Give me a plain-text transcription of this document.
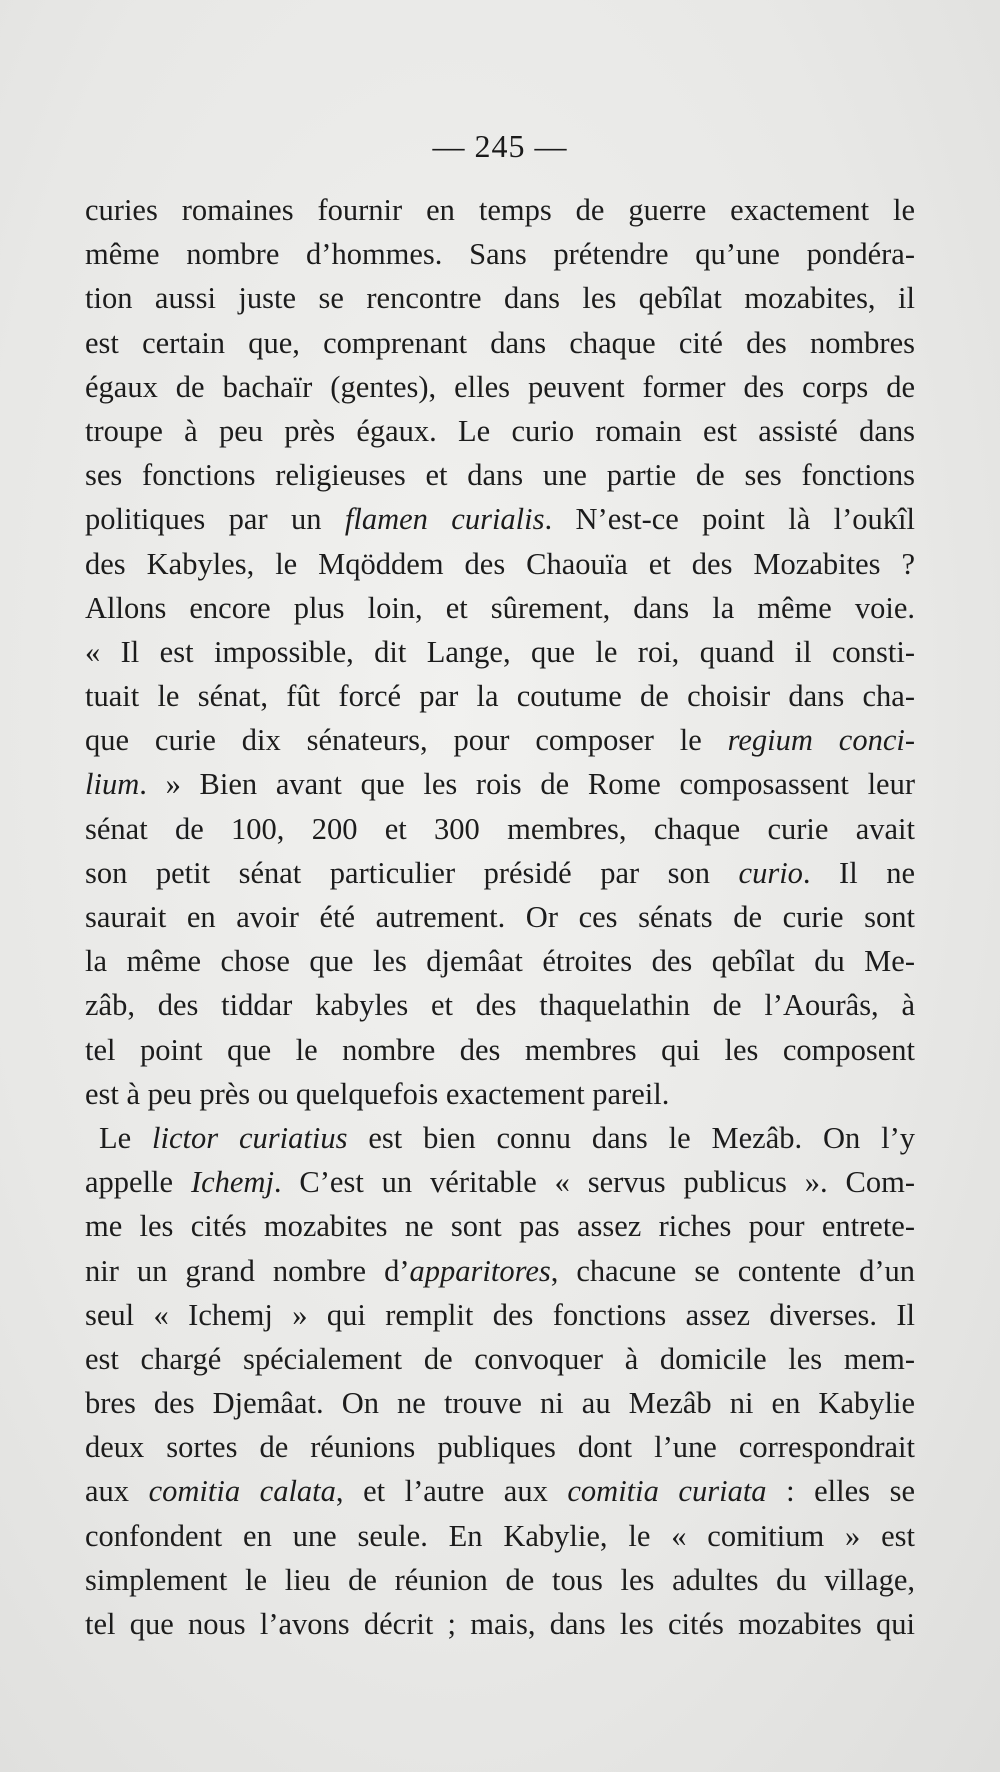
— 245 —
curies romaines fournir en temps de guerre exactement le
même nombre d’hommes. Sans prétendre qu’une pondéra-
tion aussi juste se rencontre dans les qebîlat mozabites, il
est certain que, comprenant dans chaque cité des nombres
égaux de bachaïr (gentes), elles peuvent former des corps de
troupe à peu près égaux. Le curio romain est assisté dans
ses fonctions religieuses et dans une partie de ses fonctions
politiques par un flamen curialis. N’est-ce point là l’oukîl
des Kabyles, le Mqöddem des Chaouïa et des Mozabites ?
Allons encore plus loin, et sûrement, dans la même voie.
« Il est impossible, dit Lange, que le roi, quand il consti-
tuait le sénat, fût forcé par la coutume de choisir dans cha-
que curie dix sénateurs, pour composer le regium conci-
lium. » Bien avant que les rois de Rome composassent leur
sénat de 100, 200 et 300 membres, chaque curie avait
son petit sénat particulier présidé par son curio. Il ne
saurait en avoir été autrement. Or ces sénats de curie sont
la même chose que les djemâat étroites des qebîlat du Me-
zâb, des tiddar kabyles et des thaquelathin de l’Aourâs, à
tel point que le nombre des membres qui les composent
est à peu près ou quelquefois exactement pareil.
Le lictor curiatius est bien connu dans le Mezâb. On l’y
appelle Ichemj. C’est un véritable « servus publicus ». Com-
me les cités mozabites ne sont pas assez riches pour entrete-
nir un grand nombre d’apparitores, chacune se contente d’un
seul « Ichemj » qui remplit des fonctions assez diverses. Il
est chargé spécialement de convoquer à domicile les mem-
bres des Djemâat. On ne trouve ni au Mezâb ni en Kabylie
deux sortes de réunions publiques dont l’une correspondrait
aux comitia calata, et l’autre aux comitia curiata : elles se
confondent en une seule. En Kabylie, le « comitium » est
simplement le lieu de réunion de tous les adultes du village,
tel que nous l’avons décrit ; mais, dans les cités mozabites qui
